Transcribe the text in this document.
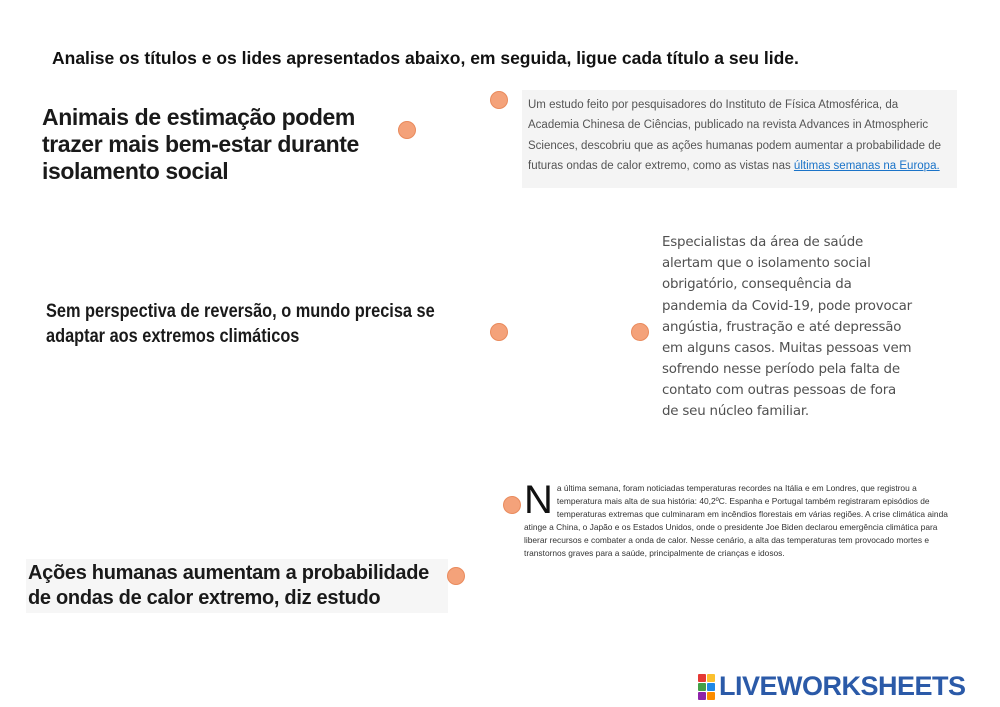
Analise os títulos e os lides apresentados abaixo, em seguida, ligue cada título a seu lide.
Animais de estimação podem trazer mais bem-estar durante isolamento social
Sem perspectiva de reversão, o mundo precisa se adaptar aos extremos climáticos
Ações humanas aumentam a probabilidade de ondas de calor extremo, diz estudo
Um estudo feito por pesquisadores do Instituto de Física Atmosférica, da Academia Chinesa de Ciências, publicado na revista Advances in Atmospheric Sciences, descobriu que as ações humanas podem aumentar a probabilidade de futuras ondas de calor extremo, como as vistas nas últimas semanas na Europa.
Especialistas da área de saúde alertam que o isolamento social obrigatório, consequência da pandemia da Covid-19, pode provocar angústia, frustração e até depressão em alguns casos. Muitas pessoas vem sofrendo nesse período pela falta de contato com outras pessoas de fora de seu núcleo familiar.
N a última semana, foram noticiadas temperaturas recordes na Itália e em Londres, que registrou a temperatura mais alta de sua história: 40,2ºC. Espanha e Portugal também registraram episódios de temperaturas extremas que culminaram em incêndios florestais em várias regiões. A crise climática ainda atinge a China, o Japão e os Estados Unidos, onde o presidente Joe Biden declarou emergência climática para liberar recursos e combater a onda de calor. Nesse cenário, a alta das temperaturas tem provocado mortes e transtornos graves para a saúde, principalmente de crianças e idosos.
LIVEWORKSHEETS
